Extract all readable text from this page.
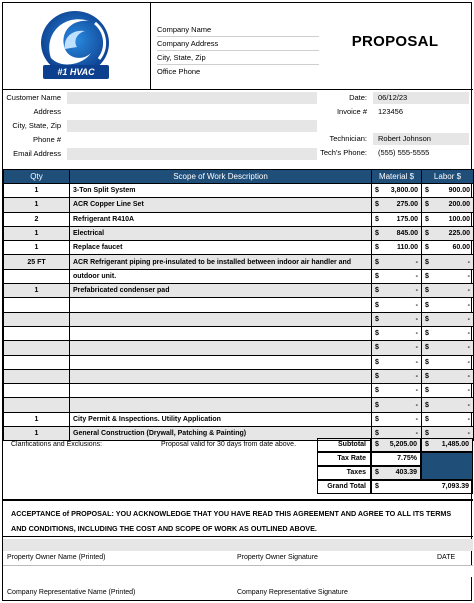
#1 HVAC
Company Name
Company Address
City, State, Zip
Office Phone
PROPOSAL
Customer Name
Address
City, State, Zip
Phone #
Email Address
Date:	06/12/23
Invoice #	123456
Technician:	Robert Johnson
Tech's Phone:	(555) 555-5555
Qty	Scope of Work Description	Material $	Labor $
1	3-Ton Split System	$ 3,800.00	$ 900.00

1	ACR Copper Line Set	$ 275.00	$ 200.00

2	Refrigerant R410A	$ 175.00	$ 100.00

1	Electrical	$ 845.00	$ 225.00

1	Replace faucet	$ 110.00	$ 60.00

25 FT	ACR Refrigerant piping pre-insulated to be installed between indoor air handler and	$ -	$ -

	outdoor unit.	$ -	$ -

1	Prefabricated condenser pad	$ -	$ -

		$ -	$ -

		$ -	$ -

		$ -	$ -

		$ -	$ -

		$ -	$ -

		$ -	$ -

		$ -	$ -

		$ -	$ -

1	City Permit & Inspections. Utility Application	$ -	$ -

1	General Construction (Drywall, Patching & Painting)	$ -	$ -
Clarifications and Exclusions:	Proposal valid for 30 days from date above.	Subtotal	$ 5,205.00 $ 1,485.00
Tax Rate	7.75%
Taxes	$ 403.39
Grand Total	$	7,093.39
ACCEPTANCE of PROPOSAL: YOU ACKNOWLEDGE THAT YOU HAVE READ THIS AGREEMENT AND AGREE TO ALL ITS TERMS AND CONDITIONS, INCLUDING THE COST AND SCOPE OF WORK AS OUTLINED ABOVE.
Property Owner Name (Printed)	Property Owner Signature	DATE
Company Representative Name (Printed)	Company Representative Signature
